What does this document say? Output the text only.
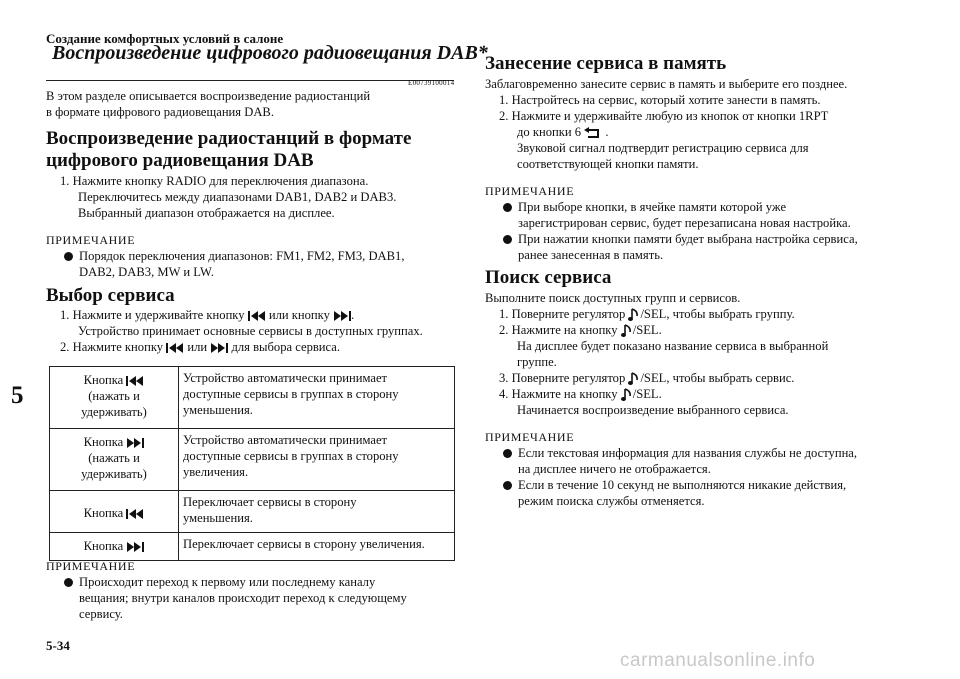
Создание комфортных условий в салоне
5
5-34
Воспроизведение цифрового радиовещания DAB*
E00739100014
В этом разделе описывается воспроизведение радиостанций
в формате цифрового радиовещания DAB.
Воспроизведение радиостанций в формате
цифрового радиовещания DAB
1. Нажмите кнопку RADIO для переключения диапазона.
Переключитесь между диапазонами DAB1, DAB2 и DAB3.
Выбранный диапазон отображается на дисплее.
ПРИМЕЧАНИЕ
Порядок переключения диапазонов: FM1, FM2, FM3, DAB1,
DAB2, DAB3, MW и LW.
Выбор сервиса
1. Нажмите и удерживайте кнопку или кнопку .
Устройство принимает основные сервисы в доступных группах.
2. Нажмите кнопку или для выбора сервиса.
Кнопка
(нажать и
удерживать)	Устройство автоматически принимает
доступные сервисы в группах в сторону
уменьшения.
Кнопка
(нажать и
удерживать)	Устройство автоматически принимает
доступные сервисы в группах в сторону
увеличения.
Кнопка	Переключает сервисы в сторону
уменьшения.
Кнопка	Переключает сервисы в сторону увеличения.
ПРИМЕЧАНИЕ
Происходит переход к первому или последнему каналу
вещания; внутри каналов происходит переход к следующему
сервису.
Занесение сервиса в память
Заблаговременно занесите сервис в память и выберите его позднее.
1. Настройтесь на сервис, который хотите занести в память.
2. Нажмите и удерживайте любую из кнопок от кнопки 1RPT
до кнопки 6 .
Звуковой сигнал подтвердит регистрацию сервиса для
соответствующей кнопки памяти.
ПРИМЕЧАНИЕ
При выборе кнопки, в ячейке памяти которой уже
зарегистрирован сервис, будет перезаписана новая настройка.
При нажатии кнопки памяти будет выбрана настройка сервиса,
ранее занесенная в память.
Поиск сервиса
Выполните поиск доступных групп и сервисов.
1. Поверните регулятор /SEL, чтобы выбрать группу.
2. Нажмите на кнопку /SEL.
На дисплее будет показано название сервиса в выбранной
группе.
3. Поверните регулятор /SEL, чтобы выбрать сервис.
4. Нажмите на кнопку /SEL.
Начинается воспроизведение выбранного сервиса.
ПРИМЕЧАНИЕ
Если текстовая информация для названия службы не доступна,
на дисплее ничего не отображается.
Если в течение 10 секунд не выполняются никакие действия,
режим поиска службы отменяется.
carmanualsonline.info
